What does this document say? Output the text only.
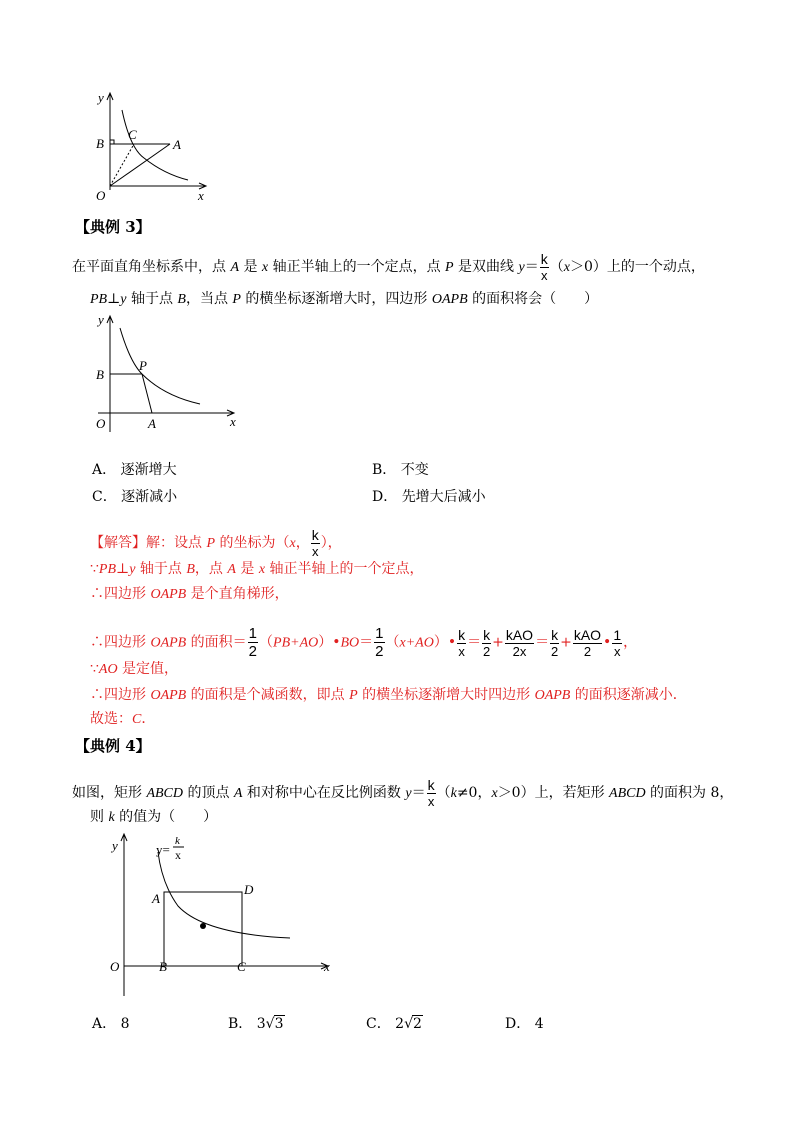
y
B
C
A
O	x
【典例 3】
在平面直角坐标系中，点 A 是 x 轴正半轴上的一个定点，点 P 是双曲线 $y= \frac{k}{x} (x>0)$上的一个动点，
PB⊥y 轴于点 B，当点 P 的横坐标逐渐增大时，四边形 OAPB 的面积将会（　　）
y
B
P
O	A	x
A． 逐渐增大	B． 不变
C． 逐渐减小	D． 先增大后减小
【解答】解：设点 P 的坐标为（x， $\frac{k}{x}$ ），
∵PB⊥y 轴于点 B，点 A 是 x 轴正半轴上的一个定点，
∴四边形 OAPB 是个直角梯形，
∴四边形 OAPB 的面积＝ $\frac{1}{2}$ （PB+AO）•BO＝ $\frac{1}{2}$ （x+AO）• $\frac{k}{x} = \frac{k}{2} + \frac{\text{kAO}}{2x} = \frac{k}{2} + \frac{\text{kAO}}{2}$ • $\frac{1}{x}$ ，
∵AO 是定值，
∴四边形 OAPB 的面积是个减函数，即点 P 的横坐标逐渐增大时四边形 OAPB 的面积逐渐减小．
故选：C．
【典例 4】
如图，矩形 ABCD 的顶点 A 和对称中心在反比例函数 $y= \frac{k}{x} (k\ne 0$，x＞0）上，若矩形 ABCD 的面积为 8，
则 k 的值为（　　）
y	y=
k
x
A
D
O	B	C	x
A． 8	B． 3√3	C． 2√2	D． 4
